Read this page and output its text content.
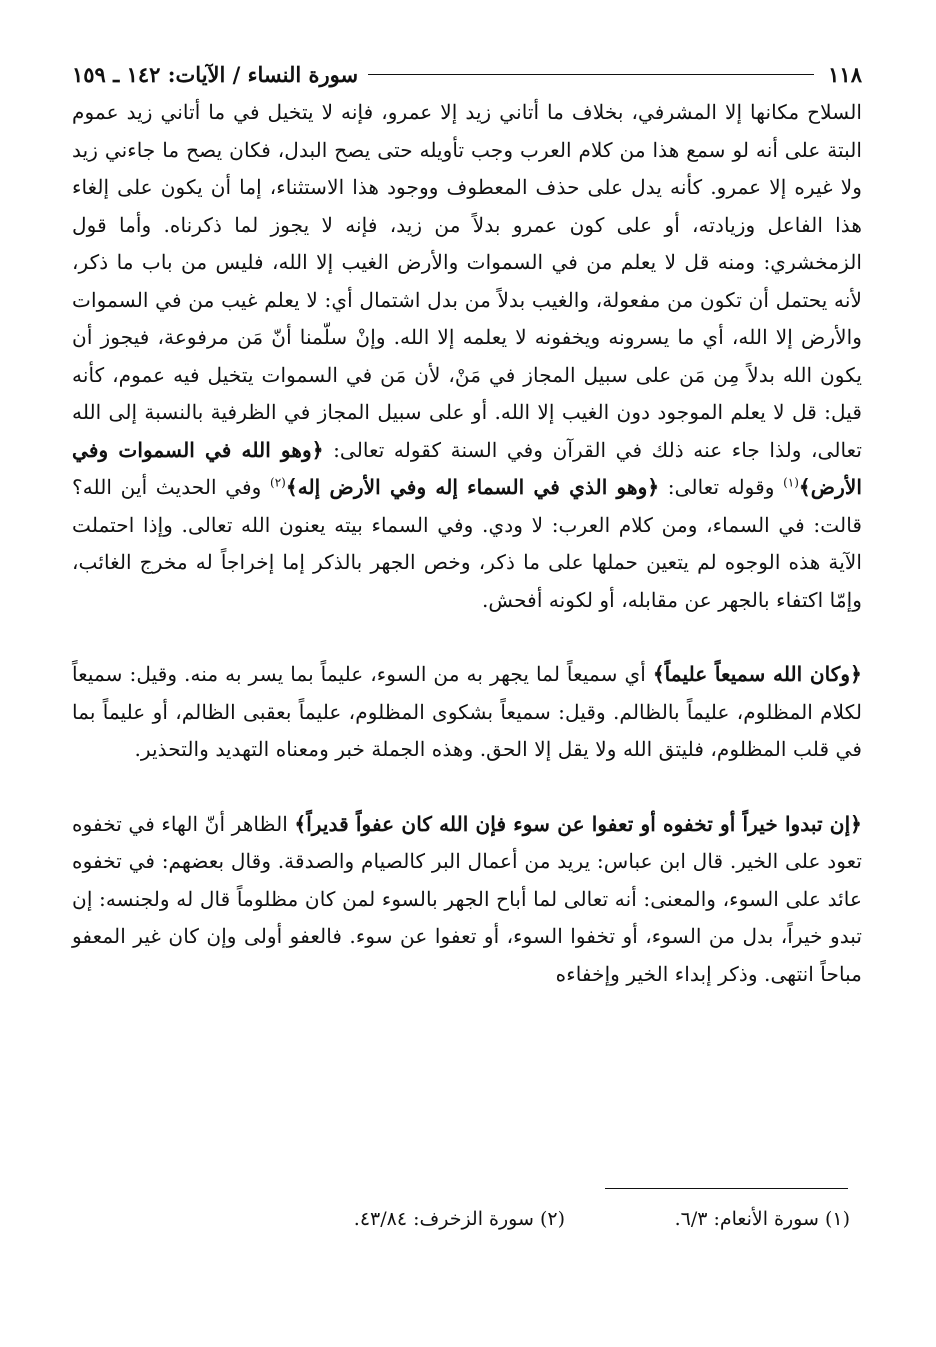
١١٨
سورة النساء / الآيات: ١٤٢ ـ ١٥٩

السلاح مكانها إلا المشرفي، بخلاف ما أتاني زيد إلا عمرو، فإنه لا يتخيل في ما أتاني زيد عموم البتة على أنه لو سمع هذا من كلام العرب وجب تأويله حتى يصح البدل، فكان يصح ما جاءني زيد ولا غيره إلا عمرو. كأنه يدل على حذف المعطوف ووجود هذا الاستثناء، إما أن يكون على إلغاء هذا الفاعل وزيادته، أو على كون عمرو بدلاً من زيد، فإنه لا يجوز لما ذكرناه. وأما قول الزمخشري: ومنه قل لا يعلم من في السموات والأرض الغيب إلا الله، فليس من باب ما ذكر، لأنه يحتمل أن تكون من مفعولة، والغيب بدلاً من بدل اشتمال أي: لا يعلم غيب من في السموات والأرض إلا الله، أي ما يسرونه ويخفونه لا يعلمه إلا الله. وإنْ سلّمنا أنّ مَن مرفوعة، فيجوز أن يكون الله بدلاً مِن مَن على سبيل المجاز في مَنْ، لأن مَن في السموات يتخيل فيه عموم، كأنه قيل: قل لا يعلم الموجود دون الغيب إلا الله. أو على سبيل المجاز في الظرفية بالنسبة إلى الله تعالى، ولذا جاء عنه ذلك في القرآن وفي السنة كقوله تعالى: ﴿وهو الله في السموات وفي الأرض﴾$^{(١)}$ وقوله تعالى: ﴿وهو الذي في السماء إله وفي الأرض إله﴾$^{(٢)}$ وفي الحديث أين الله؟ قالت: في السماء، ومن كلام العرب: لا ودي. وفي السماء بيته يعنون الله تعالى. وإذا احتملت الآية هذه الوجوه لم يتعين حملها على ما ذكر، وخص الجهر بالذكر إما إخراجاً له مخرج الغائب، وإمّا اكتفاء بالجهر عن مقابله، أو لكونه أفحش.

﴿وكان الله سميعاً عليماً﴾ أي سميعاً لما يجهر به من السوء، عليماً بما يسر به منه. وقيل: سميعاً لكلام المظلوم، عليماً بالظالم. وقيل: سميعاً بشكوى المظلوم، عليماً بعقبى الظالم، أو عليماً بما في قلب المظلوم، فليتق الله ولا يقل إلا الحق. وهذه الجملة خبر ومعناه التهديد والتحذير.

﴿إن تبدوا خيراً أو تخفوه أو تعفوا عن سوء فإن الله كان عفواً قديراً﴾ الظاهر أنّ الهاء في تخفوه تعود على الخير. قال ابن عباس: يريد من أعمال البر كالصيام والصدقة. وقال بعضهم: في تخفوه عائد على السوء، والمعنى: أنه تعالى لما أباح الجهر بالسوء لمن كان مظلوماً قال له ولجنسه: إن تبدو خيراً، بدل من السوء، أو تخفوا السوء، أو تعفوا عن سوء. فالعفو أولى وإن كان غير المعفو مباحاً انتهى. وذكر إبداء الخير وإخفاءه

(١) سورة الأنعام: ٦/٣.
(٢) سورة الزخرف: ٤٣/٨٤.
